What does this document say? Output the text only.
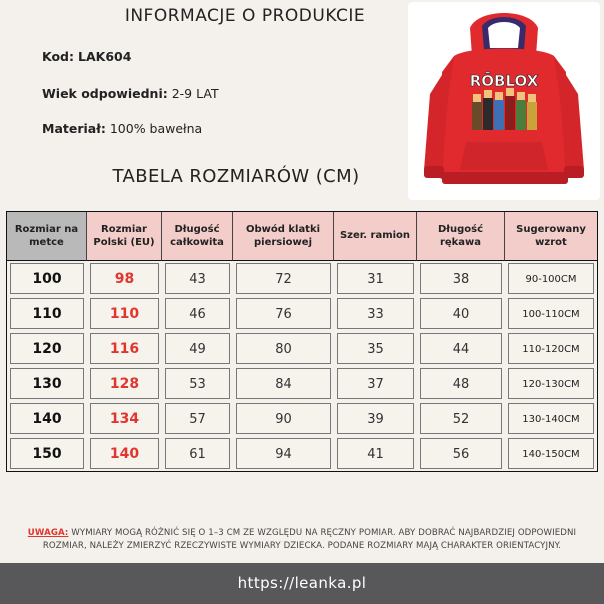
INFORMACJE O PRODUKCIE
Kod: LAK604
Wiek odpowiedni: 2-9 LAT
Materiał: 100% bawełna
RŌBLOX
TABELA ROZMIARÓW (CM)
Rozmiar na metce	Rozmiar Polski (EU)	Długość całkowita	Obwód klatki piersiowej	Szer. ramion	Długość rękawa	Sugerowany wzrot

100	98	43	72	31	38	90-100CM

110	110	46	76	33	40	100-110CM

120	116	49	80	35	44	110-120CM

130	128	53	84	37	48	120-130CM

140	134	57	90	39	52	130-140CM

150	140	61	94	41	56	140-150CM
UWAGA: WYMIARY MOGĄ RÓŻNIĆ SIĘ O 1–3 CM ZE WZGLĘDU NA RĘCZNY POMIAR. ABY DOBRAĆ NAJBARDZIEJ ODPOWIEDNI ROZMIAR, NALEŻY ZMIERZYĆ RZECZYWISTE WYMIARY DZIECKA. PODANE ROZMIARY MAJĄ CHARAKTER ORIENTACYJNY.
https://leanka.pl
